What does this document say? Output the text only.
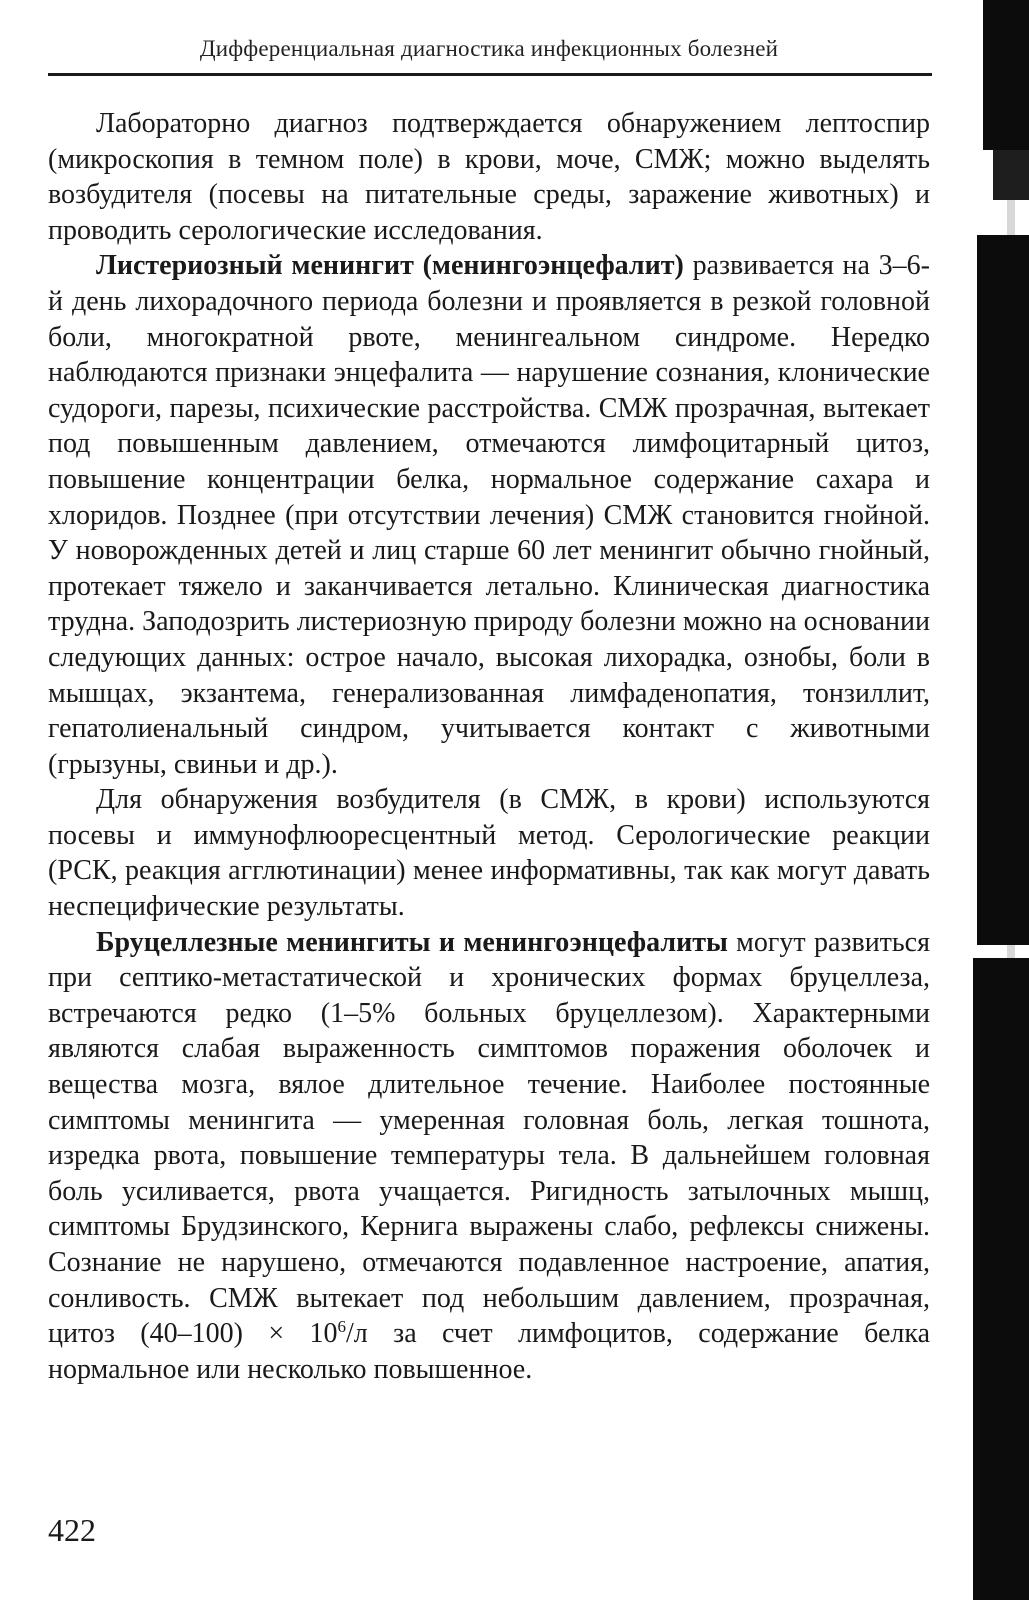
Дифференциальная диагностика инфекционных болезней

Лабораторно диагноз подтверждается обнаружением лептоспир (микроскопия в темном поле) в крови, моче, СМЖ; можно выделять возбудителя (посевы на питательные среды, заражение животных) и проводить серологические исследования.

Листериозный менингит (менингоэнцефалит) развивается на 3–6-й день лихорадочного периода болезни и проявляется в резкой головной боли, многократной рвоте, менингеальном синдроме. Нередко наблюдаются признаки энцефалита — нарушение сознания, клонические судороги, парезы, психические расстройства. СМЖ прозрачная, вытекает под повышенным давлением, отмечаются лимфоцитарный цитоз, повышение концентрации белка, нормальное содержание сахара и хлоридов. Позднее (при отсутствии лечения) СМЖ становится гнойной. У новорожденных детей и лиц старше 60 лет менингит обычно гнойный, протекает тяжело и заканчивается летально. Клиническая диагностика трудна. Заподозрить листериозную природу болезни можно на основании следующих данных: острое начало, высокая лихорадка, ознобы, боли в мышцах, экзантема, генерализованная лимфаденопатия, тонзиллит, гепатолиенальный синдром, учитывается контакт с животными (грызуны, свиньи и др.).

Для обнаружения возбудителя (в СМЖ, в крови) используются посевы и иммунофлюоресцентный метод. Серологические реакции (РСК, реакция агглютинации) менее информативны, так как могут давать неспецифические результаты.

Бруцеллезные менингиты и менингоэнцефалиты могут развиться при септико-метастатической и хронических формах бруцеллеза, встречаются редко (1–5% больных бруцеллезом). Характерными являются слабая выраженность симптомов поражения оболочек и вещества мозга, вялое длительное течение. Наиболее постоянные симптомы менингита — умеренная головная боль, легкая тошнота, изредка рвота, повышение температуры тела. В дальнейшем головная боль усиливается, рвота учащается. Ригидность затылочных мышц, симптомы Брудзинского, Кернига выражены слабо, рефлексы снижены. Сознание не нарушено, отмечаются подавленное настроение, апатия, сонливость. СМЖ вытекает под небольшим давлением, прозрачная, цитоз $(40-100) \times 10^6/л$ за счет лимфоцитов, содержание белка нормальное или несколько повышенное.

422
